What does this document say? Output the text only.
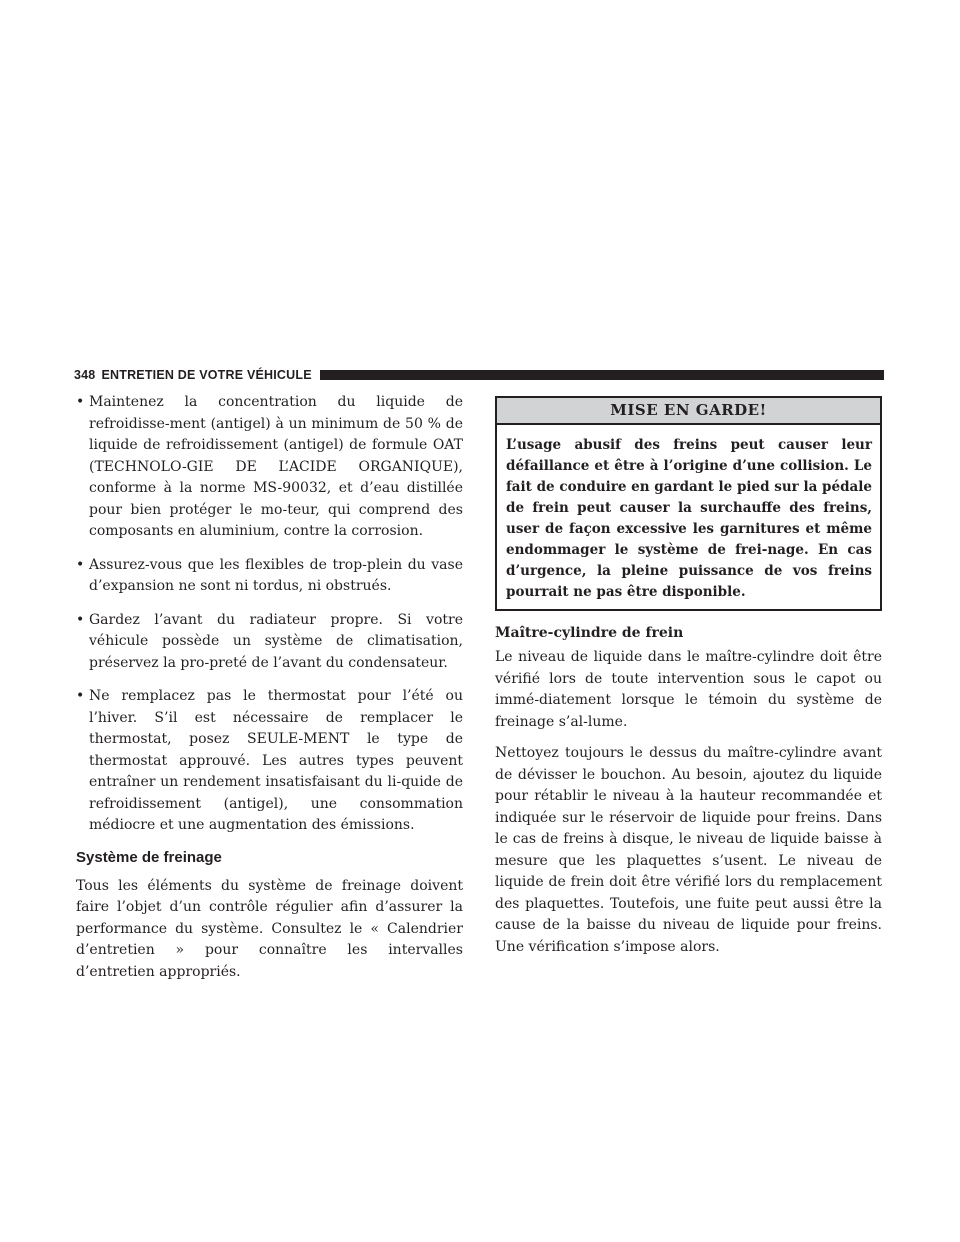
348 ENTRETIEN DE VOTRE VÉHICULE
• Maintenez la concentration du liquide de refroidisse-ment (antigel) à un minimum de 50 % de liquide de refroidissement (antigel) de formule OAT (TECHNOLO-GIE DE L’ACIDE ORGANIQUE), conforme à la norme MS-90032, et d’eau distillée pour bien protéger le mo-teur, qui comprend des composants en aluminium, contre la corrosion.
• Assurez-vous que les flexibles de trop-plein du vase d’expansion ne sont ni tordus, ni obstrués.
• Gardez l’avant du radiateur propre. Si votre véhicule possède un système de climatisation, préservez la pro-preté de l’avant du condensateur.
• Ne remplacez pas le thermostat pour l’été ou l’hiver. S’il est nécessaire de remplacer le thermostat, posez SEULE-MENT le type de thermostat approuvé. Les autres types peuvent entraîner un rendement insatisfaisant du li-quide de refroidissement (antigel), une consommation médiocre et une augmentation des émissions.
Système de freinage

Tous les éléments du système de freinage doivent faire l’objet d’un contrôle régulier afin d’assurer la performance du système. Consultez le « Calendrier d’entretien » pour connaître les intervalles d’entretien appropriés.

MISE EN GARDE!
L’usage abusif des freins peut causer leur défaillance et être à l’origine d’une collision. Le fait de conduire en gardant le pied sur la pédale de frein peut causer la surchauffe des freins, user de façon excessive les garnitures et même endommager le système de frei-nage. En cas d’urgence, la pleine puissance de vos freins pourrait ne pas être disponible.
Maître-cylindre de frein

Le niveau de liquide dans le maître-cylindre doit être vérifié lors de toute intervention sous le capot ou immé-diatement lorsque le témoin du système de freinage s’al-lume.

Nettoyez toujours le dessus du maître-cylindre avant de dévisser le bouchon. Au besoin, ajoutez du liquide pour rétablir le niveau à la hauteur recommandée et indiquée sur le réservoir de liquide pour freins. Dans le cas de freins à disque, le niveau de liquide baisse à mesure que les plaquettes s’usent. Le niveau de liquide de frein doit être vérifié lors du remplacement des plaquettes. Toutefois, une fuite peut aussi être la cause de la baisse du niveau de liquide pour freins. Une vérification s’impose alors.
